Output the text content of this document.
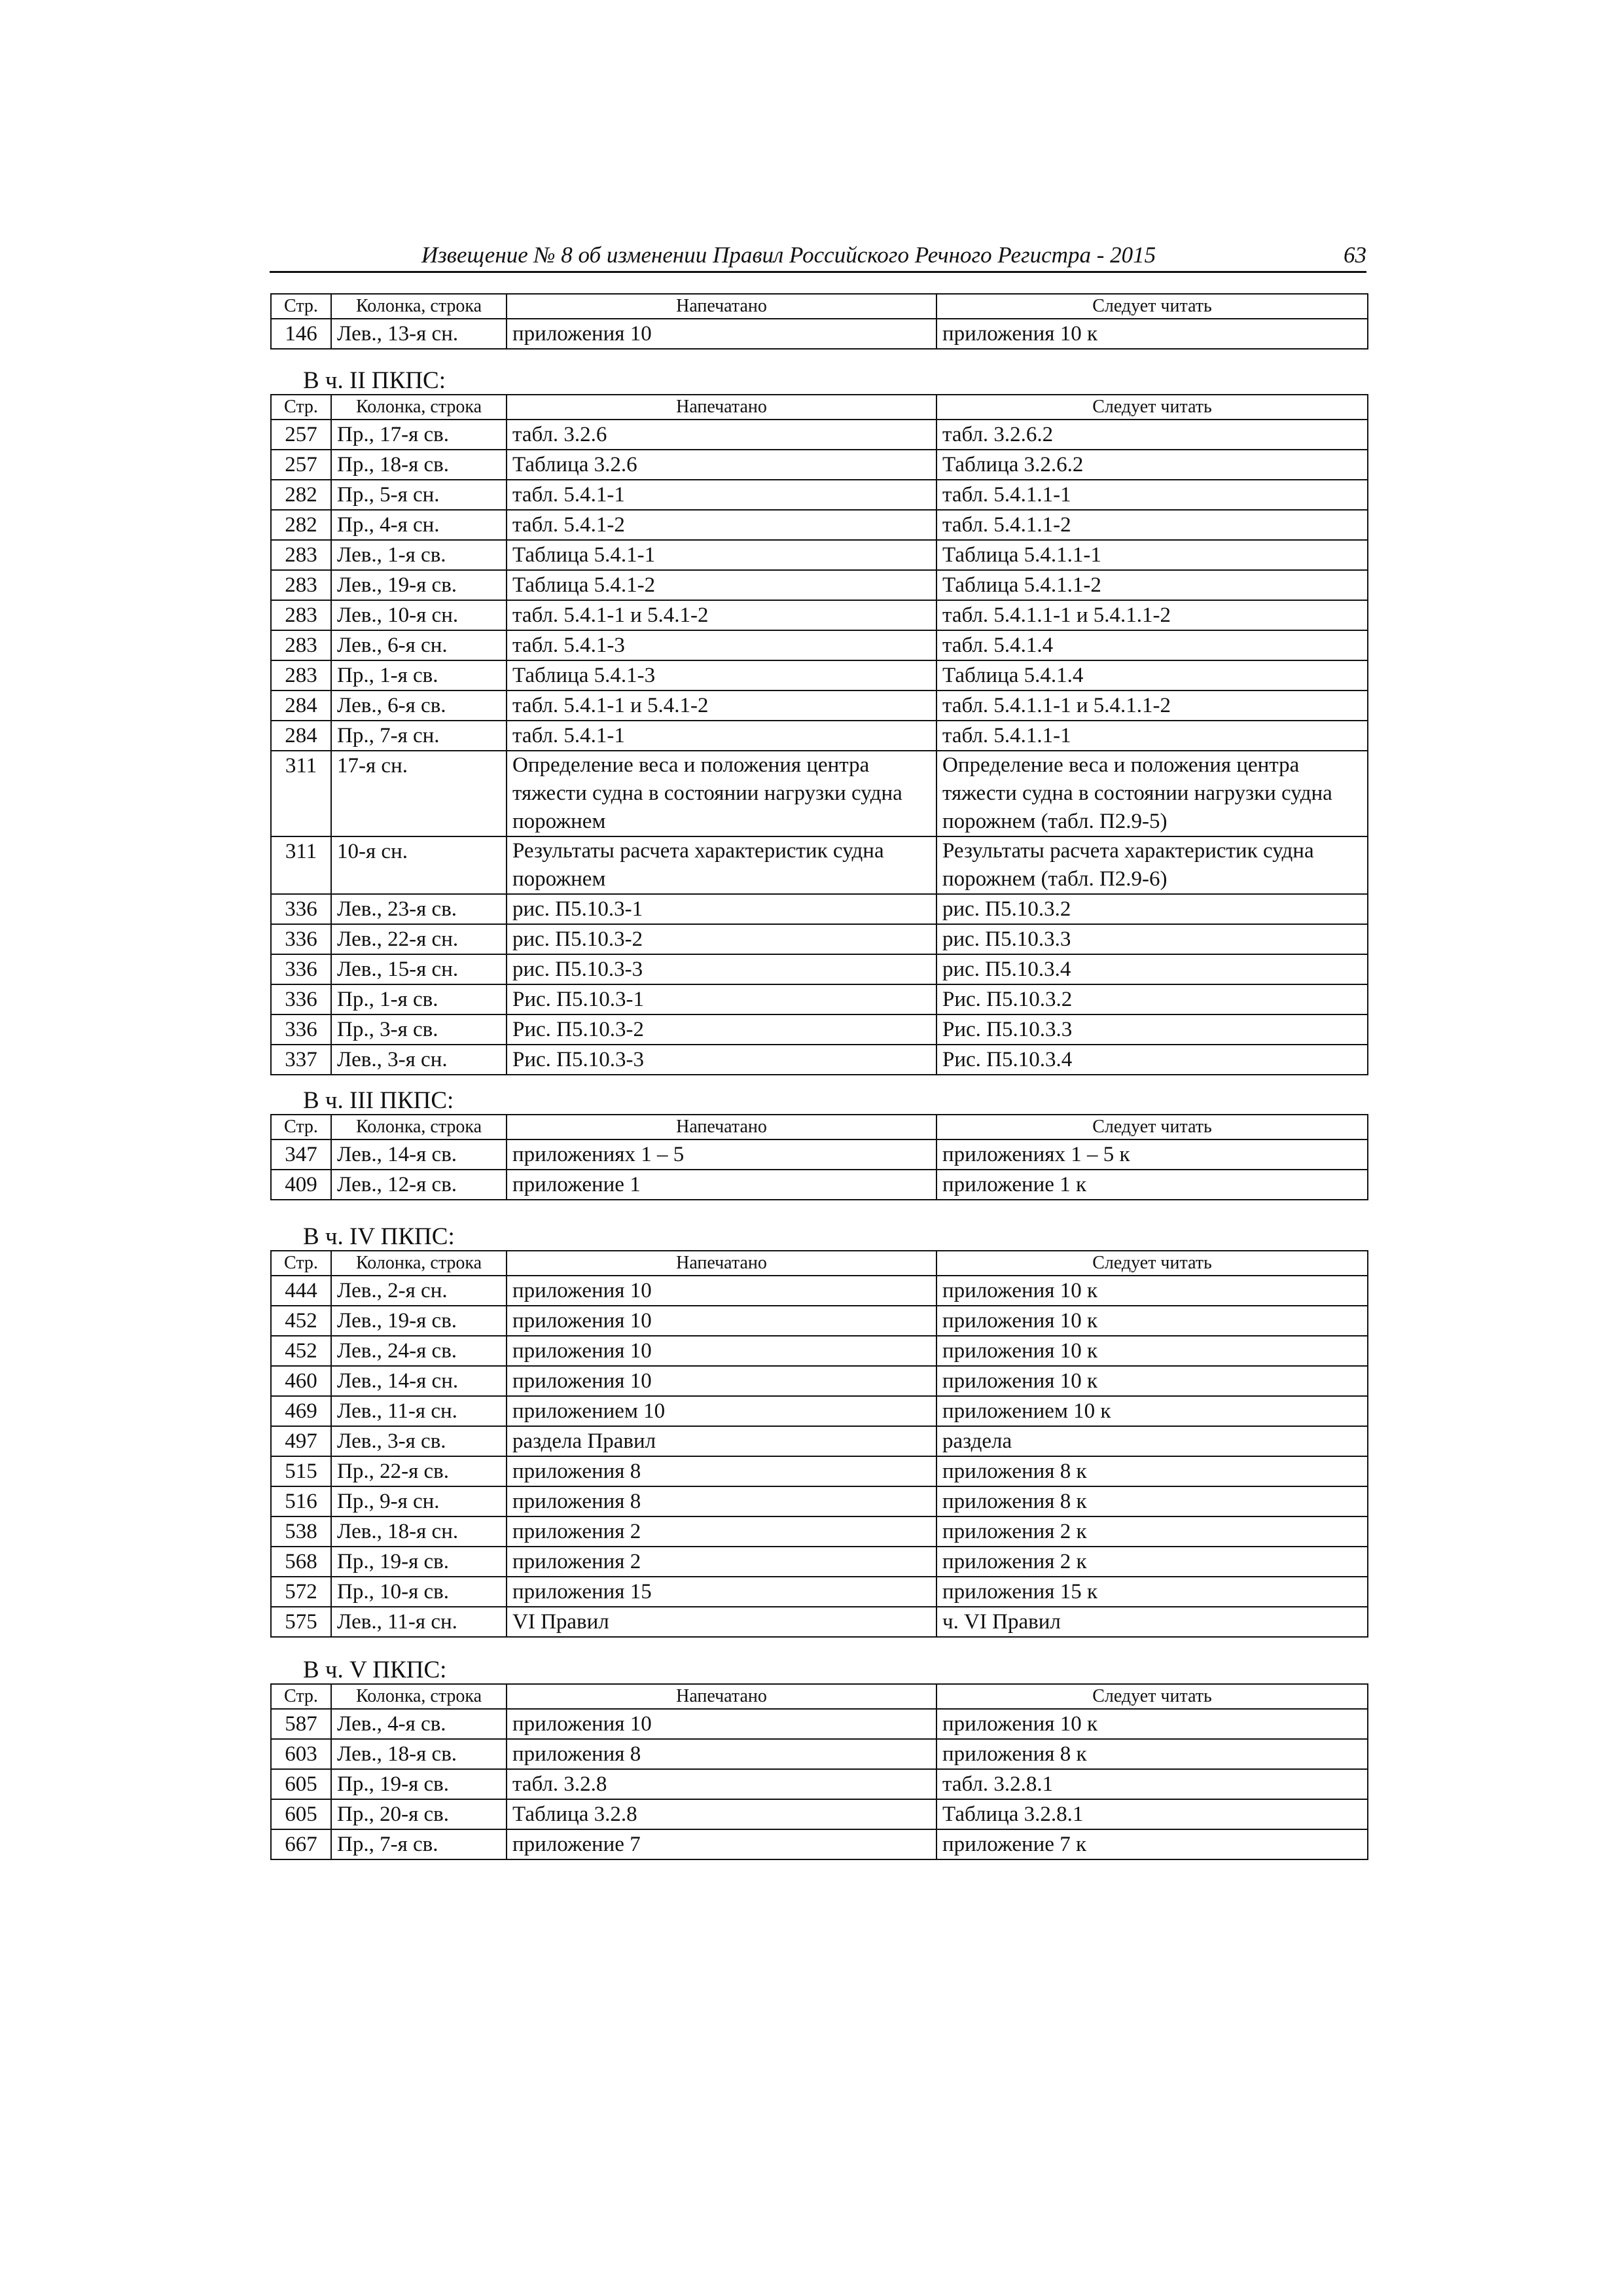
Извещение № 8 об изменении Правил Российского Речного Регистра - 2015	63
Стр.	Колонка, строка	Напечатано	Следует читать
146	Лев., 13-я сн.	приложения 10	приложения 10 к
В ч. II ПКПС:
Стр.	Колонка, строка	Напечатано	Следует читать
257	Пр., 17-я св.	табл. 3.2.6	табл. 3.2.6.2
257	Пр., 18-я св.	Таблица 3.2.6	Таблица 3.2.6.2
282	Пр., 5-я сн.	табл. 5.4.1-1	табл. 5.4.1.1-1
282	Пр., 4-я сн.	табл. 5.4.1-2	табл. 5.4.1.1-2
283	Лев., 1-я св.	Таблица 5.4.1-1	Таблица 5.4.1.1-1
283	Лев., 19-я св.	Таблица 5.4.1-2	Таблица 5.4.1.1-2
283	Лев., 10-я сн.	табл. 5.4.1-1 и 5.4.1-2	табл. 5.4.1.1-1 и 5.4.1.1-2
283	Лев., 6-я сн.	табл. 5.4.1-3	табл. 5.4.1.4
283	Пр., 1-я св.	Таблица 5.4.1-3	Таблица 5.4.1.4
284	Лев., 6-я св.	табл. 5.4.1-1 и 5.4.1-2	табл. 5.4.1.1-1 и 5.4.1.1-2
284	Пр., 7-я сн.	табл. 5.4.1-1	табл. 5.4.1.1-1
311	17-я сн.	Определение веса и положения центра тяжести судна в состоянии нагрузки судна порожнем	Определение веса и положения центра тяжести судна в состоянии нагрузки судна порожнем (табл. П2.9-5)
311	10-я сн.	Результаты расчета характеристик судна порожнем	Результаты расчета характеристик судна порожнем (табл. П2.9-6)
336	Лев., 23-я св.	рис. П5.10.3-1	рис. П5.10.3.2
336	Лев., 22-я сн.	рис. П5.10.3-2	рис. П5.10.3.3
336	Лев., 15-я сн.	рис. П5.10.3-3	рис. П5.10.3.4
336	Пр., 1-я св.	Рис. П5.10.3-1	Рис. П5.10.3.2
336	Пр., 3-я св.	Рис. П5.10.3-2	Рис. П5.10.3.3
337	Лев., 3-я сн.	Рис. П5.10.3-3	Рис. П5.10.3.4
В ч. III ПКПС:
Стр.	Колонка, строка	Напечатано	Следует читать
347	Лев., 14-я св.	приложениях 1 – 5	приложениях 1 – 5 к
409	Лев., 12-я св.	приложение 1	приложение 1 к
В ч. IV ПКПС:
Стр.	Колонка, строка	Напечатано	Следует читать
444	Лев., 2-я сн.	приложения 10	приложения 10 к
452	Лев., 19-я св.	приложения 10	приложения 10 к
452	Лев., 24-я св.	приложения 10	приложения 10 к
460	Лев., 14-я сн.	приложения 10	приложения 10 к
469	Лев., 11-я сн.	приложением 10	приложением 10 к
497	Лев., 3-я св.	раздела Правил	раздела
515	Пр., 22-я св.	приложения 8	приложения 8 к
516	Пр., 9-я сн.	приложения 8	приложения 8 к
538	Лев., 18-я сн.	приложения 2	приложения 2 к
568	Пр., 19-я св.	приложения 2	приложения 2 к
572	Пр., 10-я св.	приложения 15	приложения 15 к
575	Лев., 11-я сн.	VI Правил	ч. VI Правил
В ч. V ПКПС:
Стр.	Колонка, строка	Напечатано	Следует читать
587	Лев., 4-я св.	приложения 10	приложения 10 к
603	Лев., 18-я св.	приложения 8	приложения 8 к
605	Пр., 19-я св.	табл. 3.2.8	табл. 3.2.8.1
605	Пр., 20-я св.	Таблица 3.2.8	Таблица 3.2.8.1
667	Пр., 7-я св.	приложение 7	приложение 7 к
